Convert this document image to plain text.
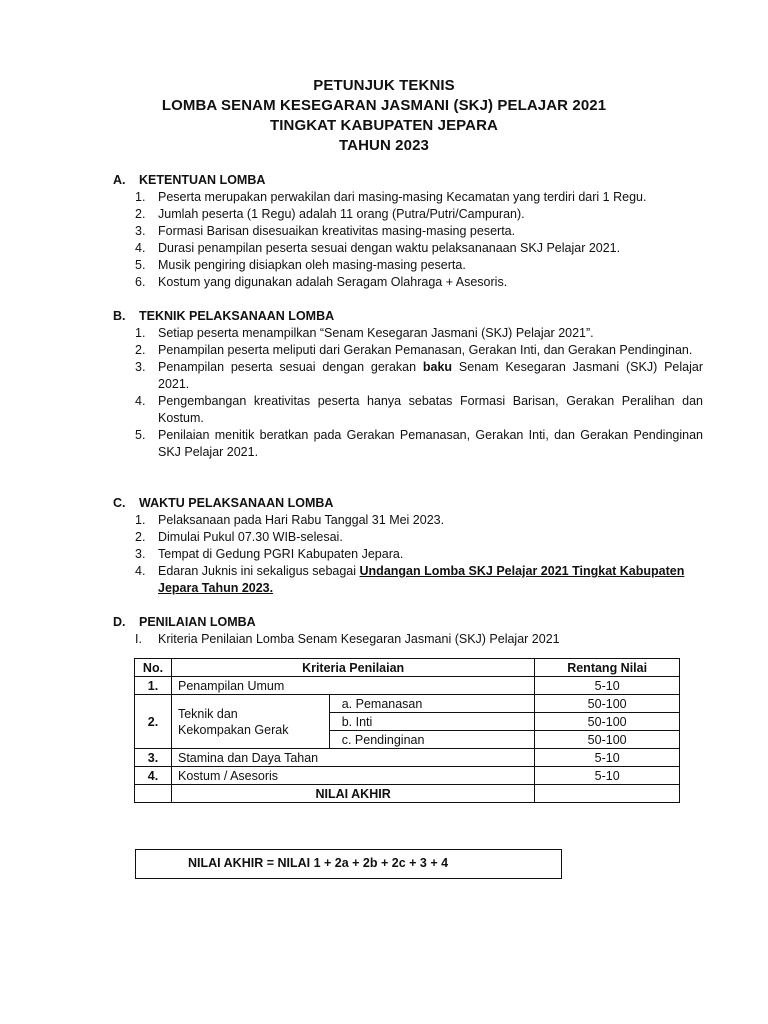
PETUNJUK TEKNIS
LOMBA SENAM KESEGARAN JASMANI (SKJ) PELAJAR 2021
TINGKAT KABUPATEN JEPARA
TAHUN 2023
A.	KETENTUAN LOMBA
1.	Peserta merupakan perwakilan dari masing-masing Kecamatan yang terdiri dari 1 Regu.
2.	Jumlah peserta (1 Regu) adalah 11 orang (Putra/Putri/Campuran).
3.	Formasi Barisan disesuaikan kreativitas masing-masing peserta.
4.	Durasi penampilan peserta sesuai dengan waktu pelaksananaan SKJ Pelajar 2021.
5.	Musik pengiring disiapkan oleh masing-masing peserta.
6.	Kostum yang digunakan adalah Seragam Olahraga + Asesoris.
B.	TEKNIK PELAKSANAAN LOMBA
1.	Setiap peserta menampilkan “Senam Kesegaran Jasmani (SKJ) Pelajar 2021”.
2.	Penampilan peserta meliputi dari Gerakan Pemanasan, Gerakan Inti, dan Gerakan Pendinginan.
3.	Penampilan peserta sesuai dengan gerakan baku Senam Kesegaran Jasmani (SKJ) Pelajar 2021.
4.	Pengembangan kreativitas peserta hanya sebatas Formasi Barisan, Gerakan Peralihan dan Kostum.
5.	Penilaian menitik beratkan pada Gerakan Pemanasan, Gerakan Inti, dan Gerakan Pendinginan SKJ Pelajar 2021.
C.	WAKTU PELAKSANAAN LOMBA
1.	Pelaksanaan pada Hari Rabu Tanggal 31 Mei 2023.
2.	Dimulai Pukul 07.30 WIB-selesai.
3.	Tempat di Gedung PGRI Kabupaten Jepara.
4.	Edaran Juknis ini sekaligus sebagai Undangan Lomba SKJ Pelajar 2021 Tingkat Kabupaten Jepara Tahun 2023.
D.	PENILAIAN LOMBA
I.	Kriteria Penilaian Lomba Senam Kesegaran Jasmani (SKJ) Pelajar 2021
No.	Kriteria Penilaian		Rentang Nilai
1.	Penampilan Umum		5-10
2.	Teknik dan
Kekompakan Gerak	a. Pemanasan	50-100
		b. Inti	50-100
		c. Pendinginan	50-100
3.	Stamina dan Daya Tahan		5-10
4.	Kostum / Asesoris		5-10
	NILAI AKHIR		
NILAI AKHIR = NILAI 1 + 2a + 2b + 2c + 3 + 4
